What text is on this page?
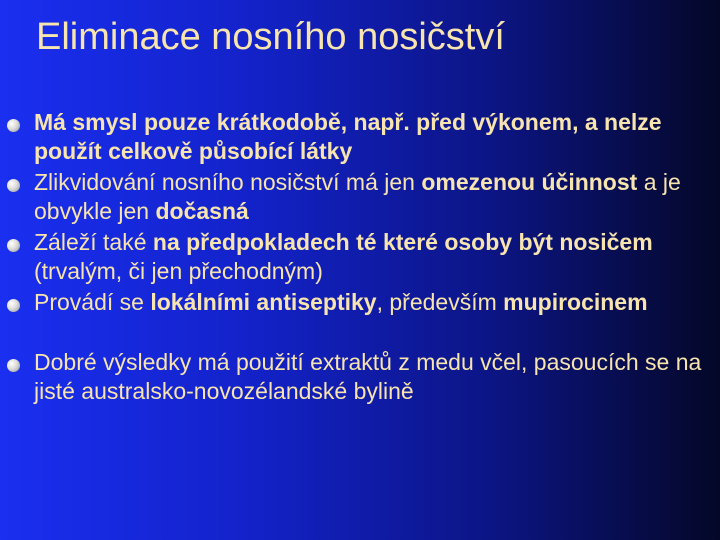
Eliminace nosního nosičství
Má smysl pouze krátkodobě, např. před výkonem, a nelze použít celkově působící látky
Zlikvidování nosního nosičství má jen omezenou účinnost a je obvykle jen dočasná
Záleží také na předpokladech té které osoby být nosičem (trvalým, či jen přechodným)
Provádí se lokálními antiseptiky, především mupirocinem
Dobré výsledky má použití extraktů z medu včel, pasoucích se na jisté australsko-novozélandské bylině
